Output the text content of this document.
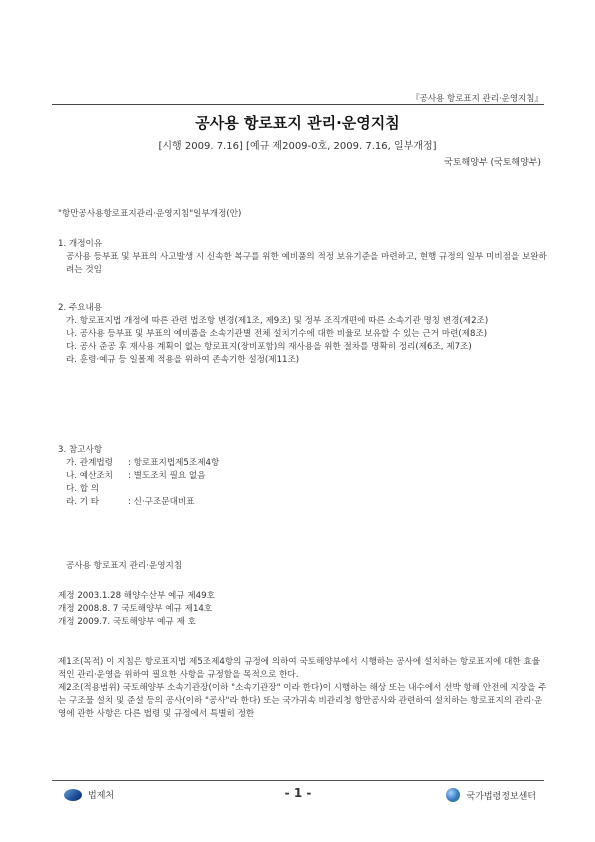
『공사용 항로표지 관리·운영지침』
공사용 항로표지 관리·운영지침
[시행 2009. 7.16] [예규 제2009-0호, 2009. 7.16, 일부개정]
국토해양부 (국토해양부)

"항만공사용항로표지관리·운영지침"일부개정(안)

1. 개정이유

공사용 등부표 및 부표의 사고발생 시 신속한 복구를 위한 예비품의 적정 보유기준을 마련하고, 현행 규정의 일부 미비점을 보완하려는 것임

2. 주요내용

가. 항로표지법 개정에 따른 관련 법조항 변경(제1조, 제9조) 및 정부 조직개편에 따른 소속기관 명칭 변경(제2조)

나. 공사용 등부표 및 부표의 예비품을 소속기관별 전체 설치기수에 대한 비율로 보유할 수 있는 근거 마련(제8조)

다. 공사 준공 후 재사용 계획이 없는 항로표지(장비포함)의 재사용을 위한 절차를 명확히 정리(제6조, 제7조)

라. 훈령·예규 등 일몰제 적용을 위하여 존속기한 설정(제11조)

3. 참고사항

가. 관계법령	: 항로표지법제5조제4항
나. 예산조치	: 별도조치 필요 없음
다. 합 의
라. 기 타	: 신·구조문대비표

공사용 항로표지 관리·운영지침

제정 2003.1.28 해양수산부 예규 제49호

개정 2008.8. 7 국토해양부 예규 제14호

개정 2009.7. 국토해양부 예규 제 호

제1조(목적) 이 지침은 항로표지법 제5조제4항의 규정에 의하여 국토해양부에서 시행하는 공사에 설치하는 항로표지에 대한 효율적인 관리·운영을 위하여 필요한 사항을 규정함을 목적으로 한다.

제2조(적용범위) 국토해양부 소속기관장(이하 "소속기관장" 이라 한다)이 시행하는 해상 또는 내수에서 선박 항해 안전에 지장을 주는 구조물 설치 및 준설 등의 공사(이하 "공사"라 한다) 또는 국가귀속 비관리청 항만공사와 관련하여 설치하는 항로표지의 관리·운영에 관한 사항은 다른 법령 및 규정에서 특별히 정한

법제처	- 1 -	국가법령정보센터
